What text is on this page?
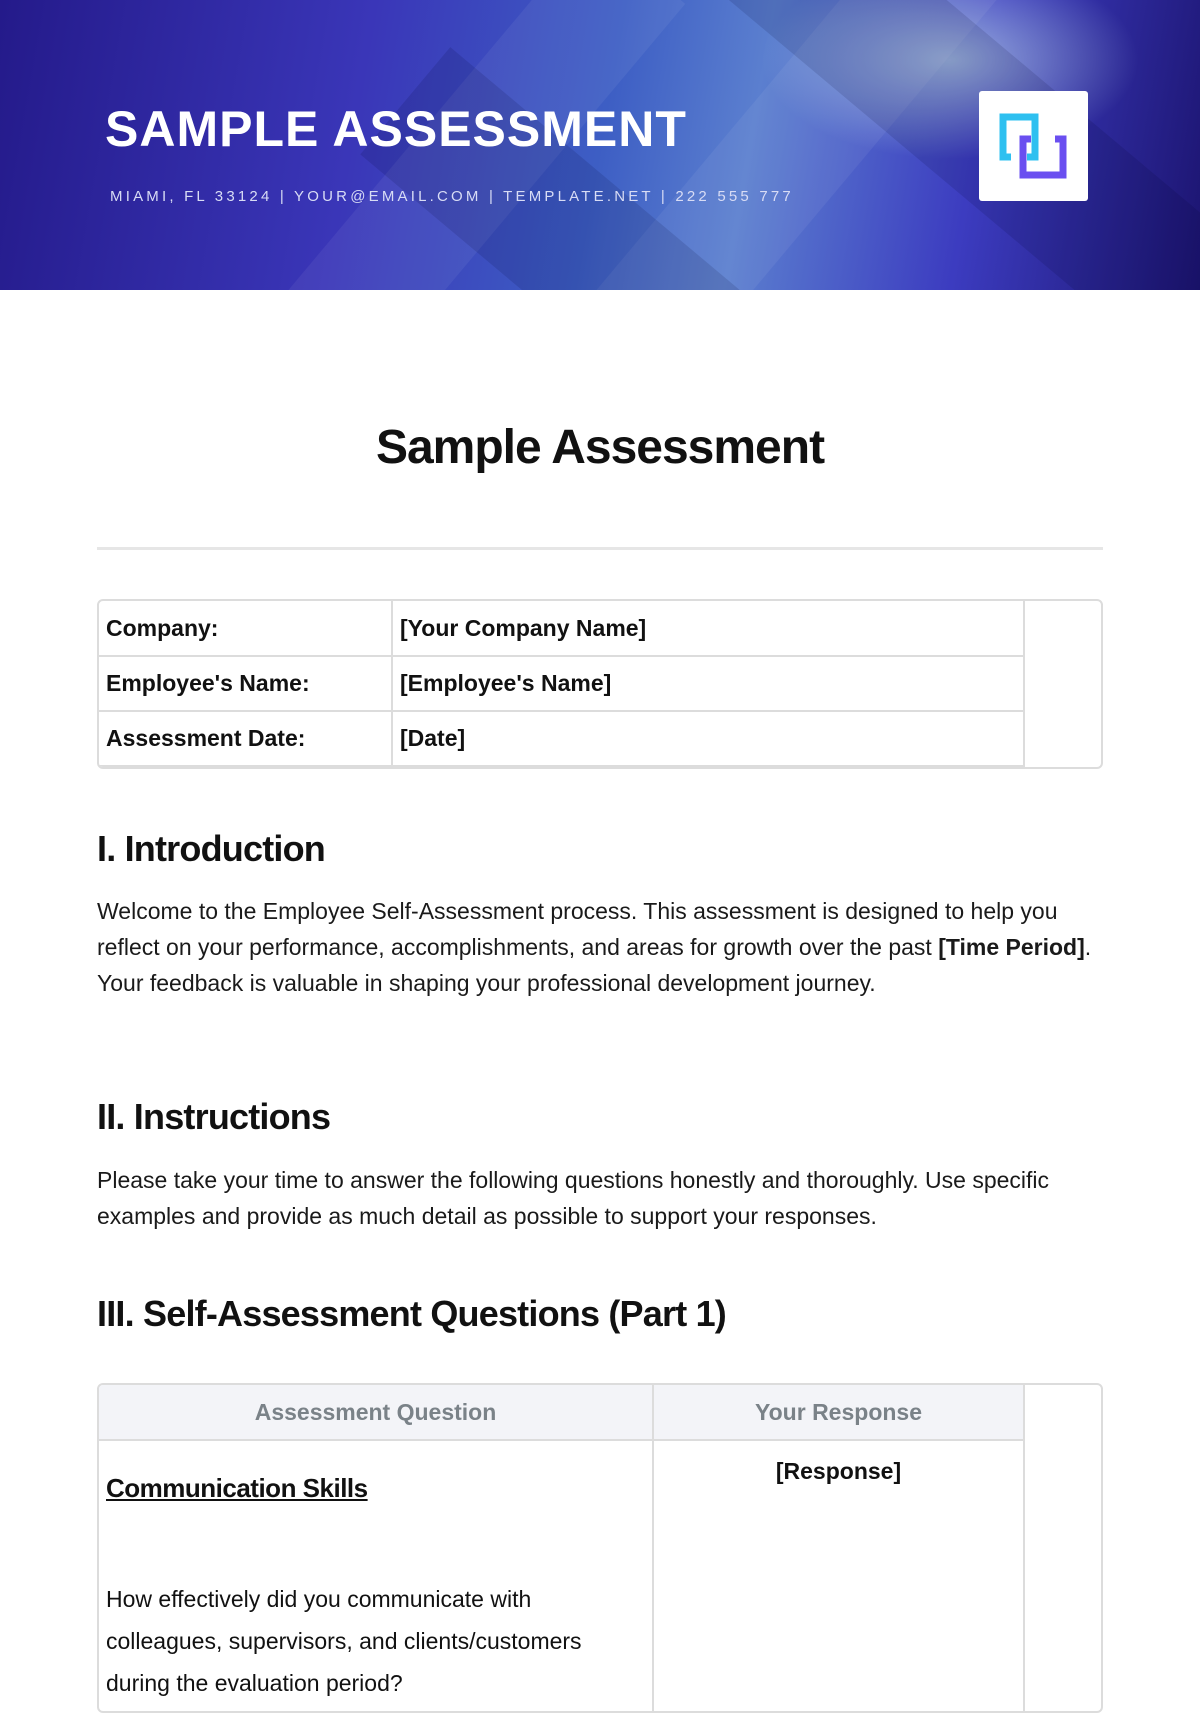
SAMPLE ASSESSMENT
MIAMI, FL 33124 | YOUR@EMAIL.COM | TEMPLATE.NET | 222 555 777
Sample Assessment
Company:	[Your Company Name]
Employee's Name:	[Employee's Name]
Assessment Date:	[Date]
I. Introduction

Welcome to the Employee Self-Assessment process. This assessment is designed to help you reflect on your performance, accomplishments, and areas for growth over the past [Time Period]. Your feedback is valuable in shaping your professional development journey.

II. Instructions

Please take your time to answer the following questions honestly and thoroughly. Use specific examples and provide as much detail as possible to support your responses.

III. Self-Assessment Questions (Part 1)
Assessment Question	Your Response

Communication Skills
How effectively did you communicate with colleagues, supervisors, and clients/customers during the evaluation period?	[Response]
